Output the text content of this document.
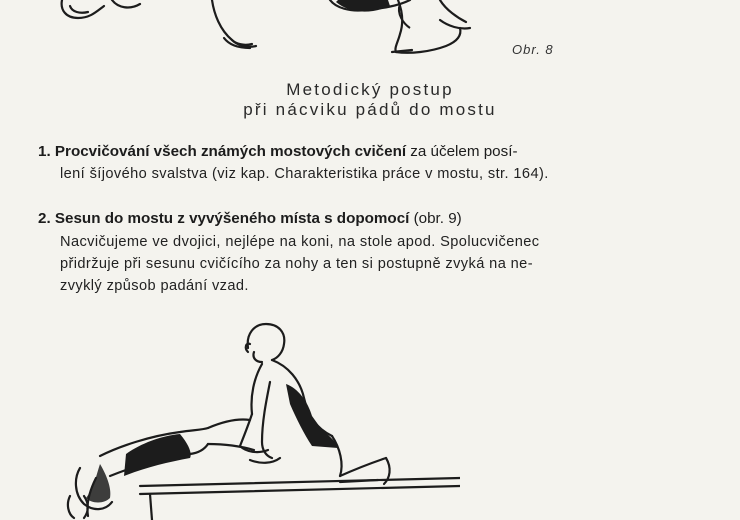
Obr. 8
Metodický postup
při nácviku pádů do mostu
1. Procvičování všech známých mostových cvičení za účelem posí-
lení šíjového svalstva (viz kap. Charakteristika práce v mostu, str. 164).
2. Sesun do mostu z vyvýšeného místa s dopomocí (obr. 9)
Nacvičujeme ve dvojici, nejlépe na koni, na stole apod. Spolucvičenec
přidržuje při sesunu cvičícího za nohy a ten si postupně zvyká na ne-
zvyklý způsob padání vzad.
